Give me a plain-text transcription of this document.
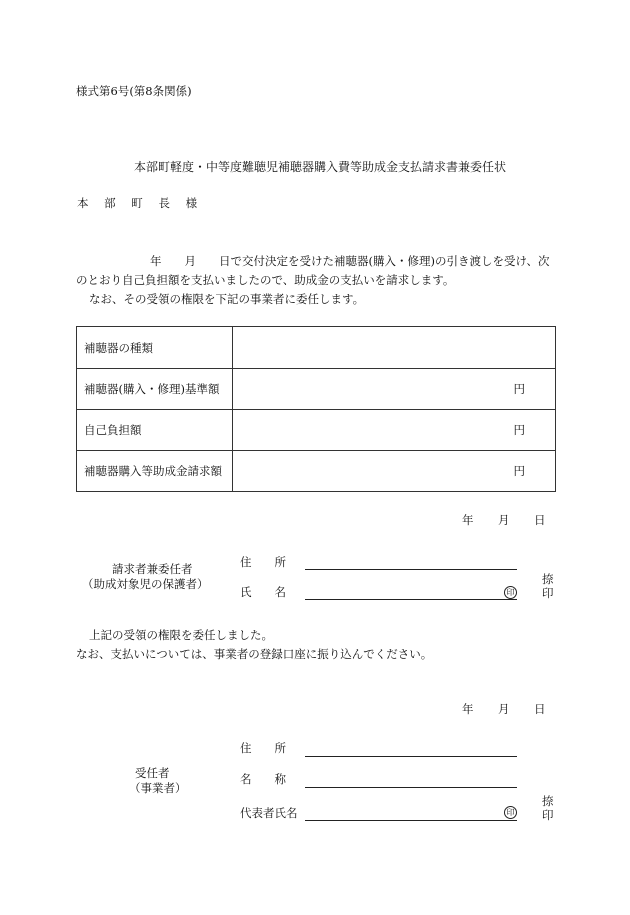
様式第6号(第8条関係)
本部町軽度・中等度難聴児補聴器購入費等助成金支払請求書兼委任状
本 部 町 長 様
年　　月　　日で交付決定を受けた補聴器(購入・修理)の引き渡しを受け、次
のとおり自己負担額を支払いましたので、助成金の支払いを請求します。
なお、その受領の権限を下記の事業者に委任します。
補聴器の種類
補聴器(購入・修理)基準額	円
自己負担額	円
補聴器購入等助成金請求額	円
年 月 日
請求者兼委任者
（助成対象児の保護者）
住　　所
氏　　名	印
捺
印
上記の受領の権限を委任しました。
なお、支払いについては、事業者の登録口座に振り込んでください。
年 月 日
受任者
（事業者）
住　　所
名　　称
代表者氏名	印
捺
印
